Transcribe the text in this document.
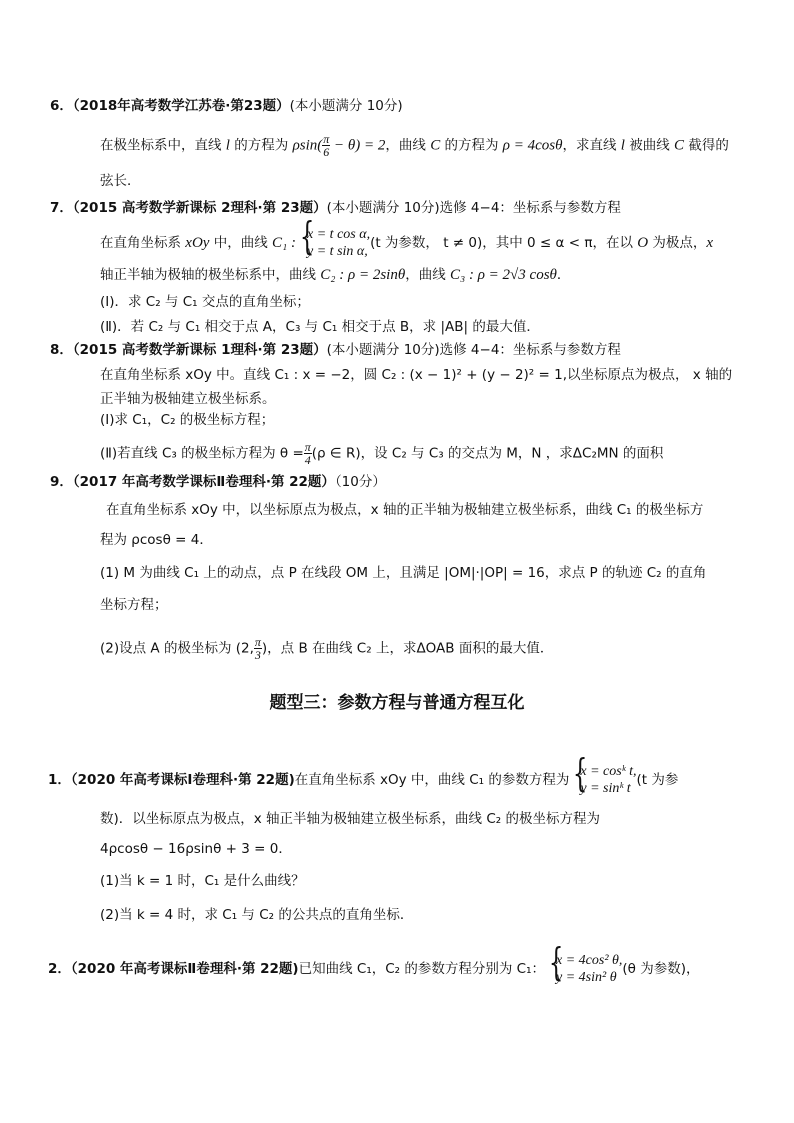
6．（2018年高考数学江苏卷·第23题）(本小题满分 10分)
在极坐标系中，直线 l 的方程为 $\rho\sin( \frac{\pi}{6} - \theta) = 2$，曲线 C 的方程为 ρ = 4cosθ，求直线 l 被曲线 C 截得的
弦长．
7．（2015 高考数学新课标 2理科·第 23题）(本小题满分 10分)选修 4−4：坐标系与参数方程
在直角坐标系 xOy 中，曲线 C₁ :
{ x = t cos α,
y = t sin α,
(t 为参数， t ≠ 0)，其中 0 ≤ α < π，在以 O 为极点，x
轴正半轴为极轴的极坐标系中，曲线 C₂ : ρ = 2sinθ，曲线 C₃ : ρ = 2√3 cosθ．
(Ⅰ)．求 C₂ 与 C₁ 交点的直角坐标；
(Ⅱ)．若 C₂ 与 C₁ 相交于点 A，C₃ 与 C₁ 相交于点 B，求 |AB| 的最大值．
8．（2015 高考数学新课标 1理科·第 23题）(本小题满分 10分)选修 4−4：坐标系与参数方程
在直角坐标系 xOy 中。直线 C₁ : x = −2，圆 C₂ : (x − 1)² + (y − 2)² = 1,以坐标原点为极点， x 轴的
正半轴为极轴建立极坐标系。
(Ⅰ)求 C₁，C₂ 的极坐标方程；
(Ⅱ)若直线 C₃ 的极坐标方程为 $\theta = \frac{\pi}{4} (\rho$ ∈ R)，设 C₂ 与 C₃ 的交点为 M，N ，求ΔC₂MN 的面积
9．（2017 年高考数学课标Ⅱ卷理科·第 22题）（10分）
在直角坐标系 xOy 中，以坐标原点为极点，x 轴的正半轴为极轴建立极坐标系，曲线 C₁ 的极坐标方
程为 ρcosθ = 4．
(1) M 为曲线 C₁ 上的动点，点 P 在线段 OM 上，且满足 |OM|·|OP| = 16，求点 P 的轨迹 C₂ 的直角
坐标方程；
(2)设点 A 的极坐标为 (2, $\frac{\pi}{3}$ )，点 B 在曲线 C₂ 上，求ΔOAB 面积的最大值．
题型三：参数方程与普通方程互化
1．（2020 年高考课标Ⅰ卷理科·第 22题)在直角坐标系 xOy 中，曲线 C₁ 的参数方程为
{ x = cosᵏ t,
y = sinᵏ t
(t 为参
数)．以坐标原点为极点，x 轴正半轴为极轴建立极坐标系，曲线 C₂ 的极坐标方程为
4ρcosθ − 16ρsinθ + 3 = 0．
(1)当 k = 1 时，C₁ 是什么曲线？
(2)当 k = 4 时，求 C₁ 与 C₂ 的公共点的直角坐标．
2．（2020 年高考课标Ⅱ卷理科·第 22题)已知曲线 C₁，C₂ 的参数方程分别为 C₁：
{ x = 4cos² θ,
y = 4sin² θ
(θ 为参数)，
